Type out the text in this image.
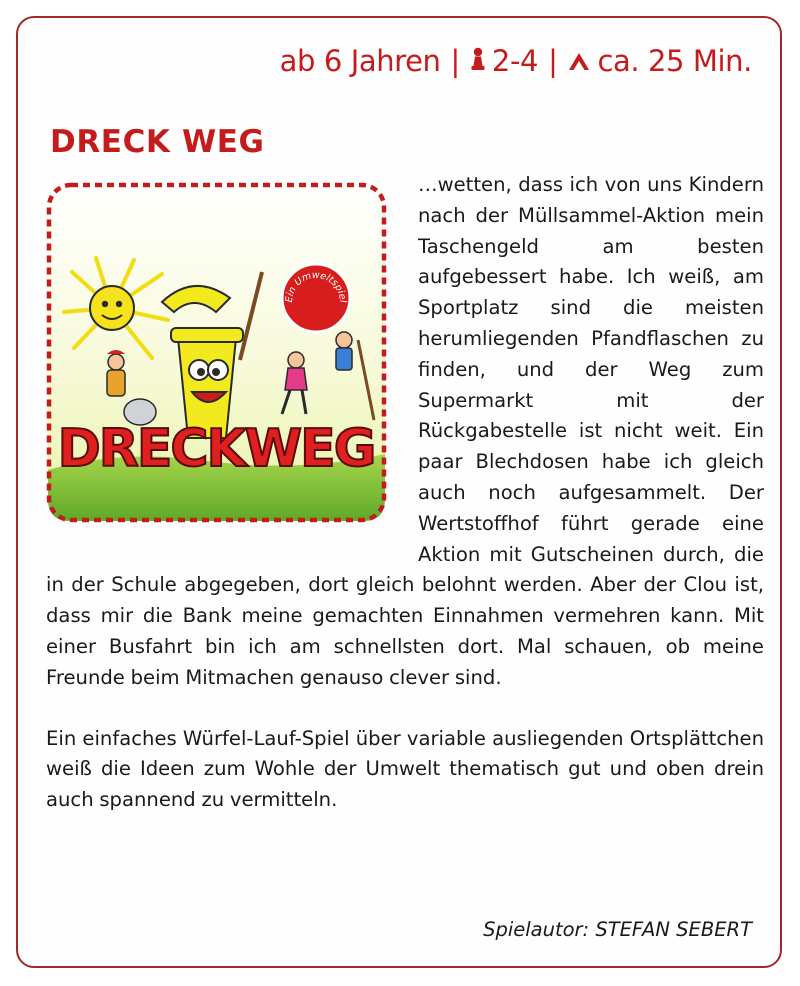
ab 6 Jahren | 2-4 | ca. 25 Min.
DRECK WEG
Ein Umweltspiel
DRECKWEG

…wetten, dass ich von uns Kindern nach der Müllsammel-Aktion mein Taschengeld am besten aufgebessert habe. Ich weiß, am Sportplatz sind die meisten herumliegenden Pfandflaschen zu finden, und der Weg zum Supermarkt mit der Rückgabestelle ist nicht weit. Ein paar Blechdosen habe ich gleich auch noch aufgesammelt. Der Wertstoffhof führt gerade eine Aktion mit Gutscheinen durch, die in der Schule abgegeben, dort gleich belohnt werden. Aber der Clou ist, dass mir die Bank meine gemachten Einnahmen vermehren kann. Mit einer Busfahrt bin ich am schnellsten dort. Mal schauen, ob meine Freunde beim Mitmachen genauso clever sind.

Ein einfaches Würfel-Lauf-Spiel über variable ausliegenden Ortsplättchen weiß die Ideen zum Wohle der Umwelt thematisch gut und oben drein auch spannend zu vermitteln.

Spielautor: STEFAN SEBERT
